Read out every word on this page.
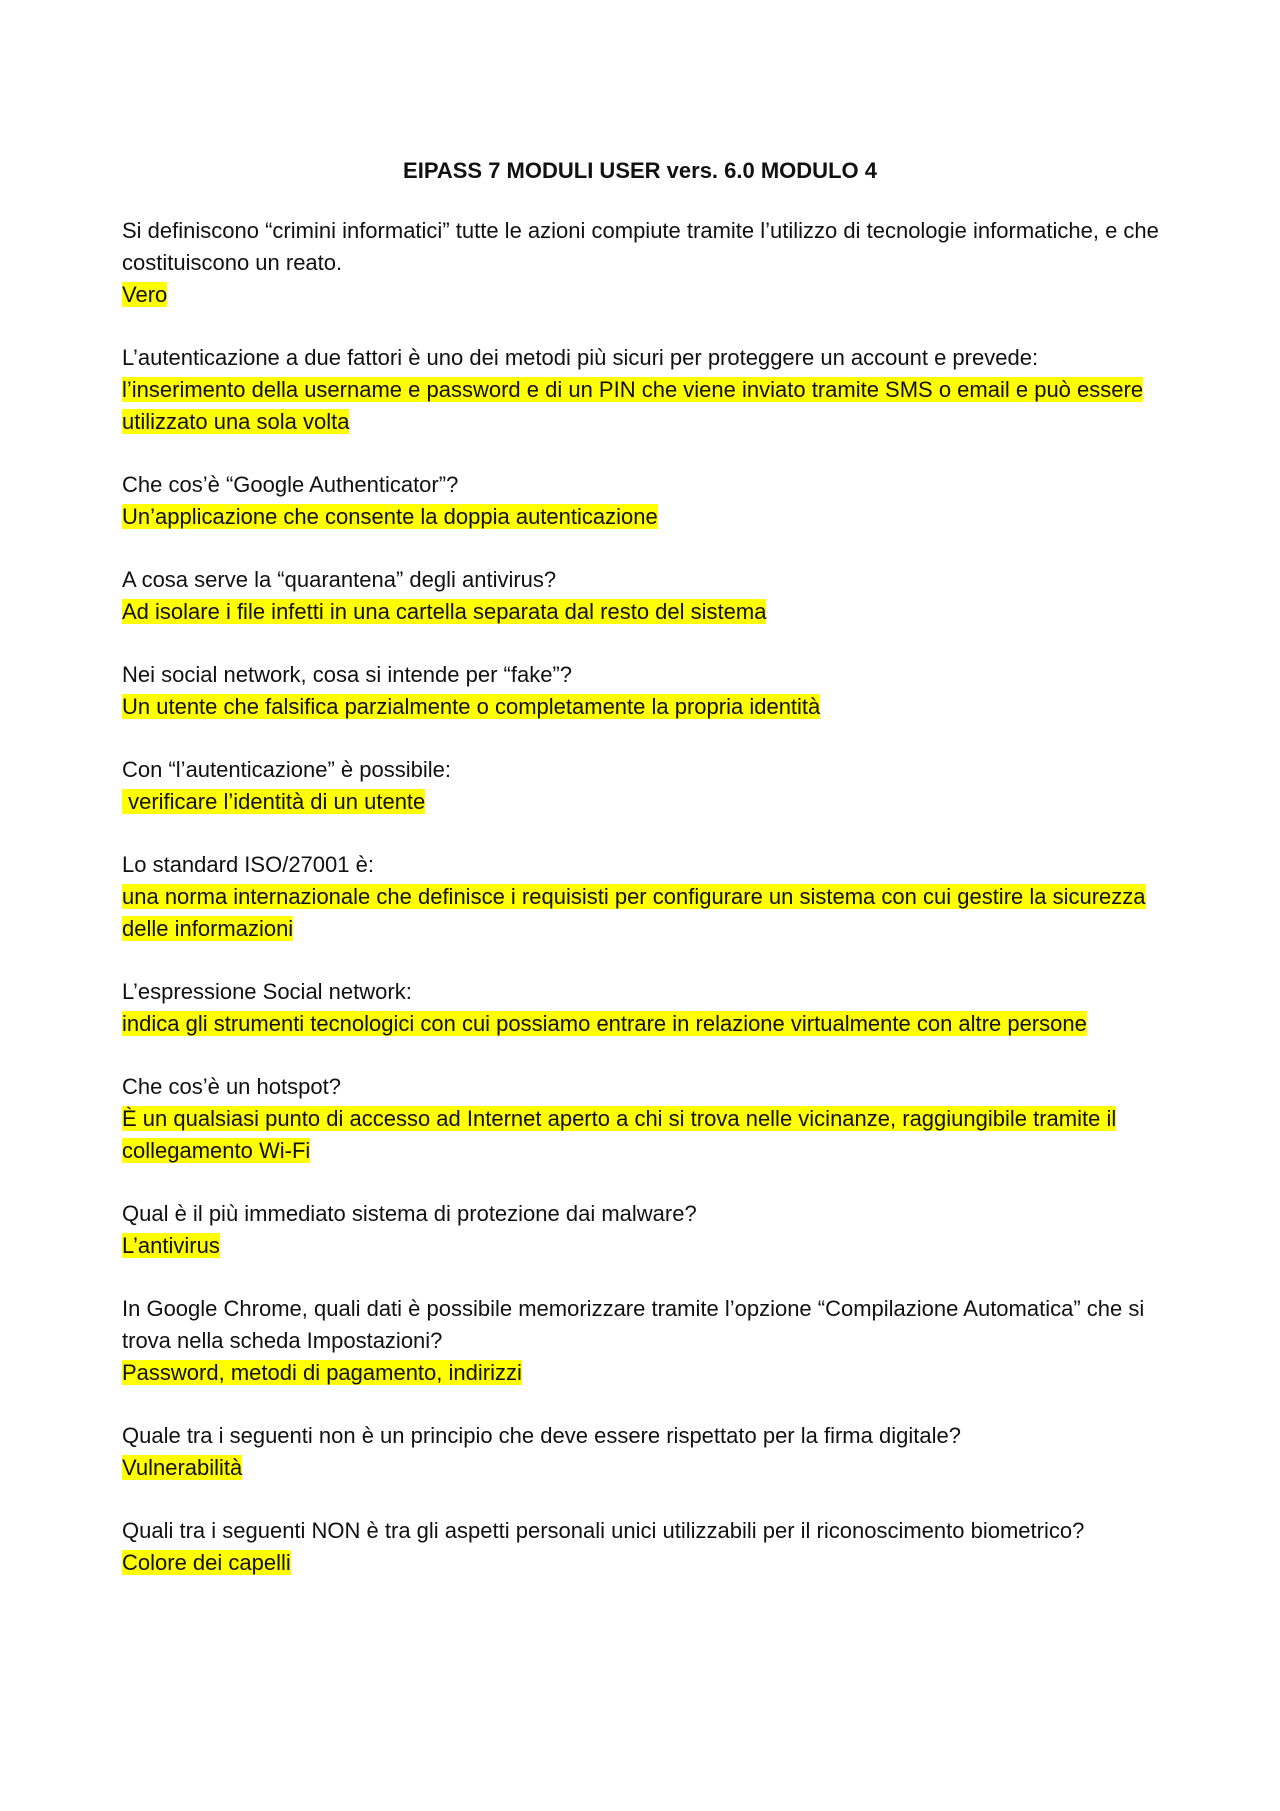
EIPASS 7 MODULI USER vers. 6.0 MODULO 4

Si definiscono “crimini informatici” tutte le azioni compiute tramite l’utilizzo di tecnologie informatiche, e che costituiscono un reato.

Vero

L’autenticazione a due fattori è uno dei metodi più sicuri per proteggere un account e prevede:

l’inserimento della username e password e di un PIN che viene inviato tramite SMS o email e può essere utilizzato una sola volta

Che cos’è “Google Authenticator”?

Un’applicazione che consente la doppia autenticazione

A cosa serve la “quarantena” degli antivirus?

Ad isolare i file infetti in una cartella separata dal resto del sistema

Nei social network, cosa si intende per “fake”?

Un utente che falsifica parzialmente o completamente la propria identità

Con “l’autenticazione” è possibile:

verificare l’identità di un utente

Lo standard ISO/27001 è:

una norma internazionale che definisce i requisisti per configurare un sistema con cui gestire la sicurezza delle informazioni

L’espressione Social network:

indica gli strumenti tecnologici con cui possiamo entrare in relazione virtualmente con altre persone

Che cos’è un hotspot?

È un qualsiasi punto di accesso ad Internet aperto a chi si trova nelle vicinanze, raggiungibile tramite il collegamento Wi-Fi

Qual è il più immediato sistema di protezione dai malware?

L’antivirus

In Google Chrome, quali dati è possibile memorizzare tramite l’opzione “Compilazione Automatica” che si trova nella scheda Impostazioni?

Password, metodi di pagamento, indirizzi

Quale tra i seguenti non è un principio che deve essere rispettato per la firma digitale?

Vulnerabilità

Quali tra i seguenti NON è tra gli aspetti personali unici utilizzabili per il riconoscimento biometrico?

Colore dei capelli
